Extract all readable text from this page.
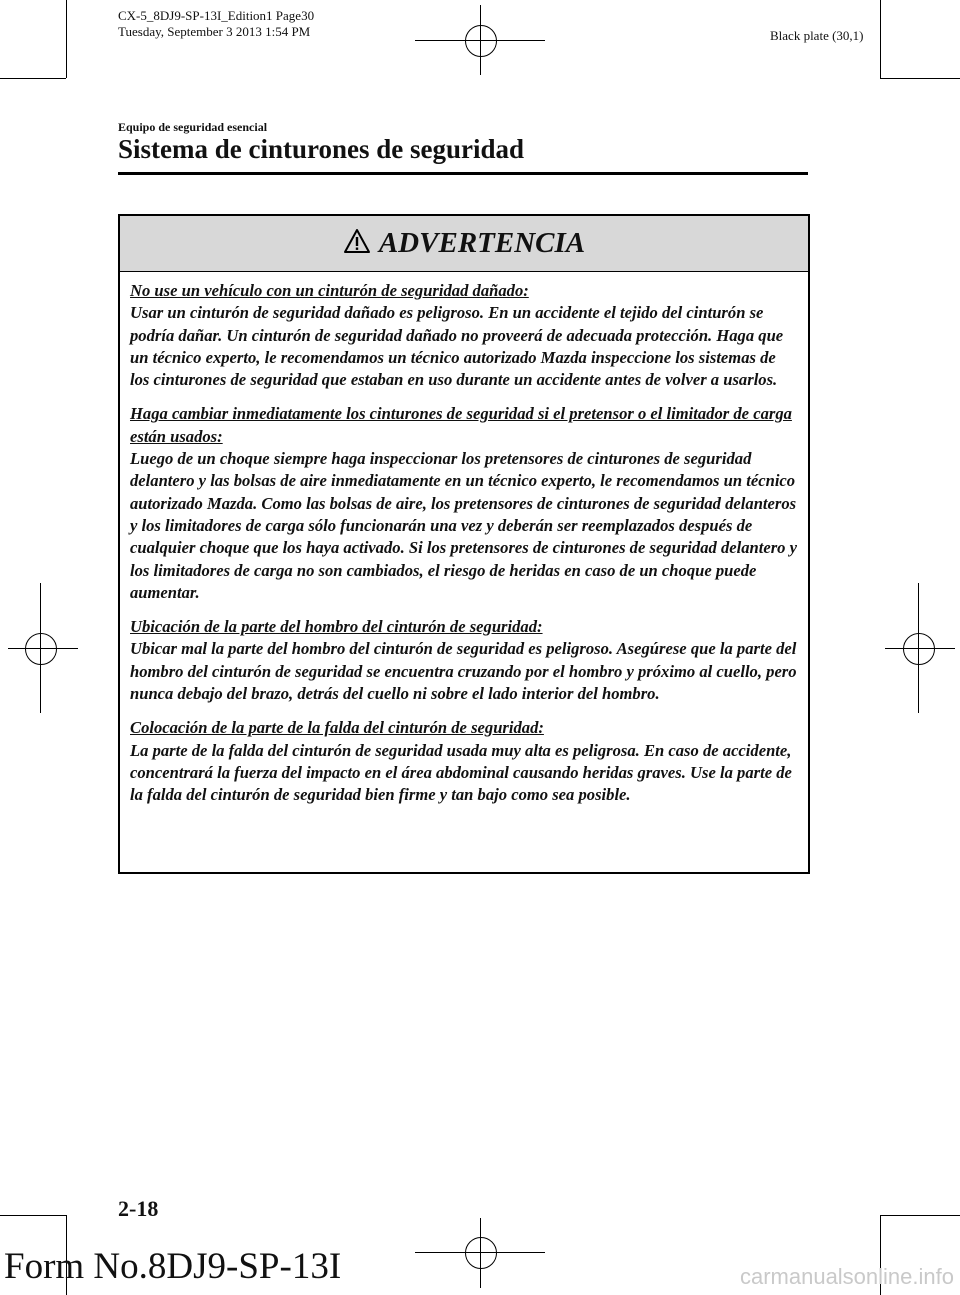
CX-5_8DJ9-SP-13I_Edition1 Page30
Tuesday, September 3 2013 1:54 PM	Black plate (30,1)
Equipo de seguridad esencial
Sistema de cinturones de seguridad
ADVERTENCIA

No use un vehículo con un cinturón de seguridad dañado:
Usar un cinturón de seguridad dañado es peligroso. En un accidente el tejido del cinturón se podría dañar. Un cinturón de seguridad dañado no proveerá de adecuada protección. Haga que un técnico experto, le recomendamos un técnico autorizado Mazda inspeccione los sistemas de los cinturones de seguridad que estaban en uso durante un accidente antes de volver a usarlos.

Haga cambiar inmediatamente los cinturones de seguridad si el pretensor o el limitador de carga están usados:
Luego de un choque siempre haga inspeccionar los pretensores de cinturones de seguridad delantero y las bolsas de aire inmediatamente en un técnico experto, le recomendamos un técnico autorizado Mazda. Como las bolsas de aire, los pretensores de cinturones de seguridad delanteros y los limitadores de carga sólo funcionarán una vez y deberán ser reemplazados después de cualquier choque que los haya activado. Si los pretensores de cinturones de seguridad delantero y los limitadores de carga no son cambiados, el riesgo de heridas en caso de un choque puede aumentar.

Ubicación de la parte del hombro del cinturón de seguridad:
Ubicar mal la parte del hombro del cinturón de seguridad es peligroso. Asegúrese que la parte del hombro del cinturón de seguridad se encuentra cruzando por el hombro y próximo al cuello, pero nunca debajo del brazo, detrás del cuello ni sobre el lado interior del hombro.

Colocación de la parte de la falda del cinturón de seguridad:
La parte de la falda del cinturón de seguridad usada muy alta es peligrosa. En caso de accidente, concentrará la fuerza del impacto en el área abdominal causando heridas graves. Use la parte de la falda del cinturón de seguridad bien firme y tan bajo como sea posible.

2-18
Form No.8DJ9-SP-13I	carmanualsonline.info
